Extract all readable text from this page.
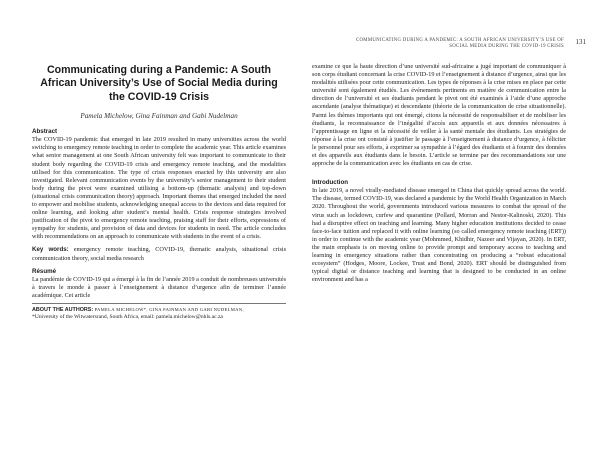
COMMUNICATING DURING A PANDEMIC: A SOUTH AFRICAN UNIVERSITY’S USE OF
SOCIAL MEDIA DURING THE COVID-19 CRISIS
131
Communicating during a Pandemic: A South African University’s Use of Social Media during the COVID-19 Crisis
Pamela Michelow, Gina Fainman and Gabi Nudelman
Abstract

The COVID-19 pandemic that emerged in late 2019 resulted in many universities across the world switching to emergency remote teaching in order to complete the academic year. This article examines what senior management at one South African university felt was important to communicate to their student body regarding the COVID-19 crisis and emergency remote teaching, and the modalities utilised for this communication. The type of crisis responses enacted by this university are also investigated. Relevant communication events by the university’s senior management to their student body during the pivot were examined utilising a bottom-up (thematic analysis) and top-down (situational crisis communication theory) approach. Important themes that emerged included the need to empower and mobilise students, acknowledging unequal access to the devices and data required for online learning, and looking after student’s mental health. Crisis response strategies involved justification of the pivot to emergency remote teaching, praising staff for their efforts, expressions of sympathy for students, and provision of data and devices for students in need. The article concludes with recommendations on an approach to communicate with students in the event of a crisis.

Key words: emergency remote teaching, COVID-19, thematic analysis, situational crisis communication theory, social media research

Résumé

La pandémie de COVID-19 qui a émergé à la fin de l’année 2019 a conduit de nombreuses universités à travers le monde à passer à l’enseignement à distance d’urgence afin de terminer l’année académique. Cet article

ABOUT THE AUTHORS: PAMELA MICHELOW*, GINA FAINMAN AND GABI NUDELMAN,
*University of the Witwatersrand, South Africa, email: pamela.michelow@nhls.ac.za

examine ce que la haute direction d’une université sud-africaine a jugé important de communiquer à son corps étudiant concernant la crise COVID-19 et l’enseignement à distance d’urgence, ainsi que les modalités utilisées pour cette communication. Les types de réponses à la crise mises en place par cette université sont également étudiés. Les événements pertinents en matière de communication entre la direction de l’université et ses étudiants pendant le pivot ont été examinés à l’aide d’une approche ascendante (analyse thématique) et descendante (théorie de la communication de crise situationnelle). Parmi les thèmes importants qui ont émergé, citons la nécessité de responsabiliser et de mobiliser les étudiants, la reconnaissance de l’inégalité d’accès aux appareils et aux données nécessaires à l’apprentissage en ligne et la nécessité de veiller à la santé mentale des étudiants. Les stratégies de réponse à la crise ont consisté à justifier le passage à l’enseignement à distance d’urgence, à féliciter le personnel pour ses efforts, à exprimer sa sympathie à l’égard des étudiants et à fournir des données et des appareils aux étudiants dans le besoin. L’article se termine par des recommandations sur une approche de la communication avec les étudiants en cas de crise.

Introduction

In late 2019, a novel virally-mediated disease emerged in China that quickly spread across the world. The disease, termed COVID-19, was declared a pandemic by the World Health Organization in March 2020. Throughout the world, governments introduced various measures to combat the spread of the virus such as lockdown, curfew and quarantine (Pollard, Morran and Nestor-Kalinoski, 2020). This had a disruptive effect on teaching and learning. Many higher education institutions decided to cease face-to-face tuition and replaced it with online learning (so called emergency remote teaching (ERT)) in order to continue with the academic year (Mohmmed, Khidhir, Nazeer and Vijayan, 2020). In ERT, the main emphasis is on moving online to provide prompt and temporary access to teaching and learning in emergency situations rather than concentrating on producing a “robust educational ecosystem” (Hodges, Moore, Lockee, Trust and Bond, 2020). ERT should be distinguished from typical digital or distance teaching and learning that is designed to be conducted in an online environment and has a
